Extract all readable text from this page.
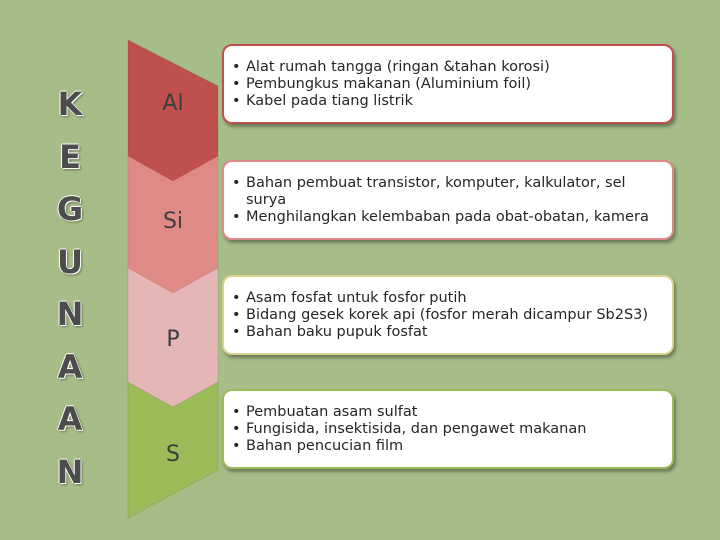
K
E
G
U
N
A
A
N
Al
Si
P
S
• Alat rumah tangga (ringan &tahan korosi)
• Pembungkus makanan (Aluminium foil)
• Kabel pada tiang listrik
• Bahan pembuat transistor, komputer, kalkulator, sel surya
• Menghilangkan kelembaban pada obat-obatan, kamera
• Asam fosfat untuk fosfor putih
• Bidang gesek korek api (fosfor merah dicampur Sb2S3)
• Bahan baku pupuk fosfat
• Pembuatan asam sulfat
• Fungisida, insektisida, dan pengawet makanan
• Bahan pencucian film
